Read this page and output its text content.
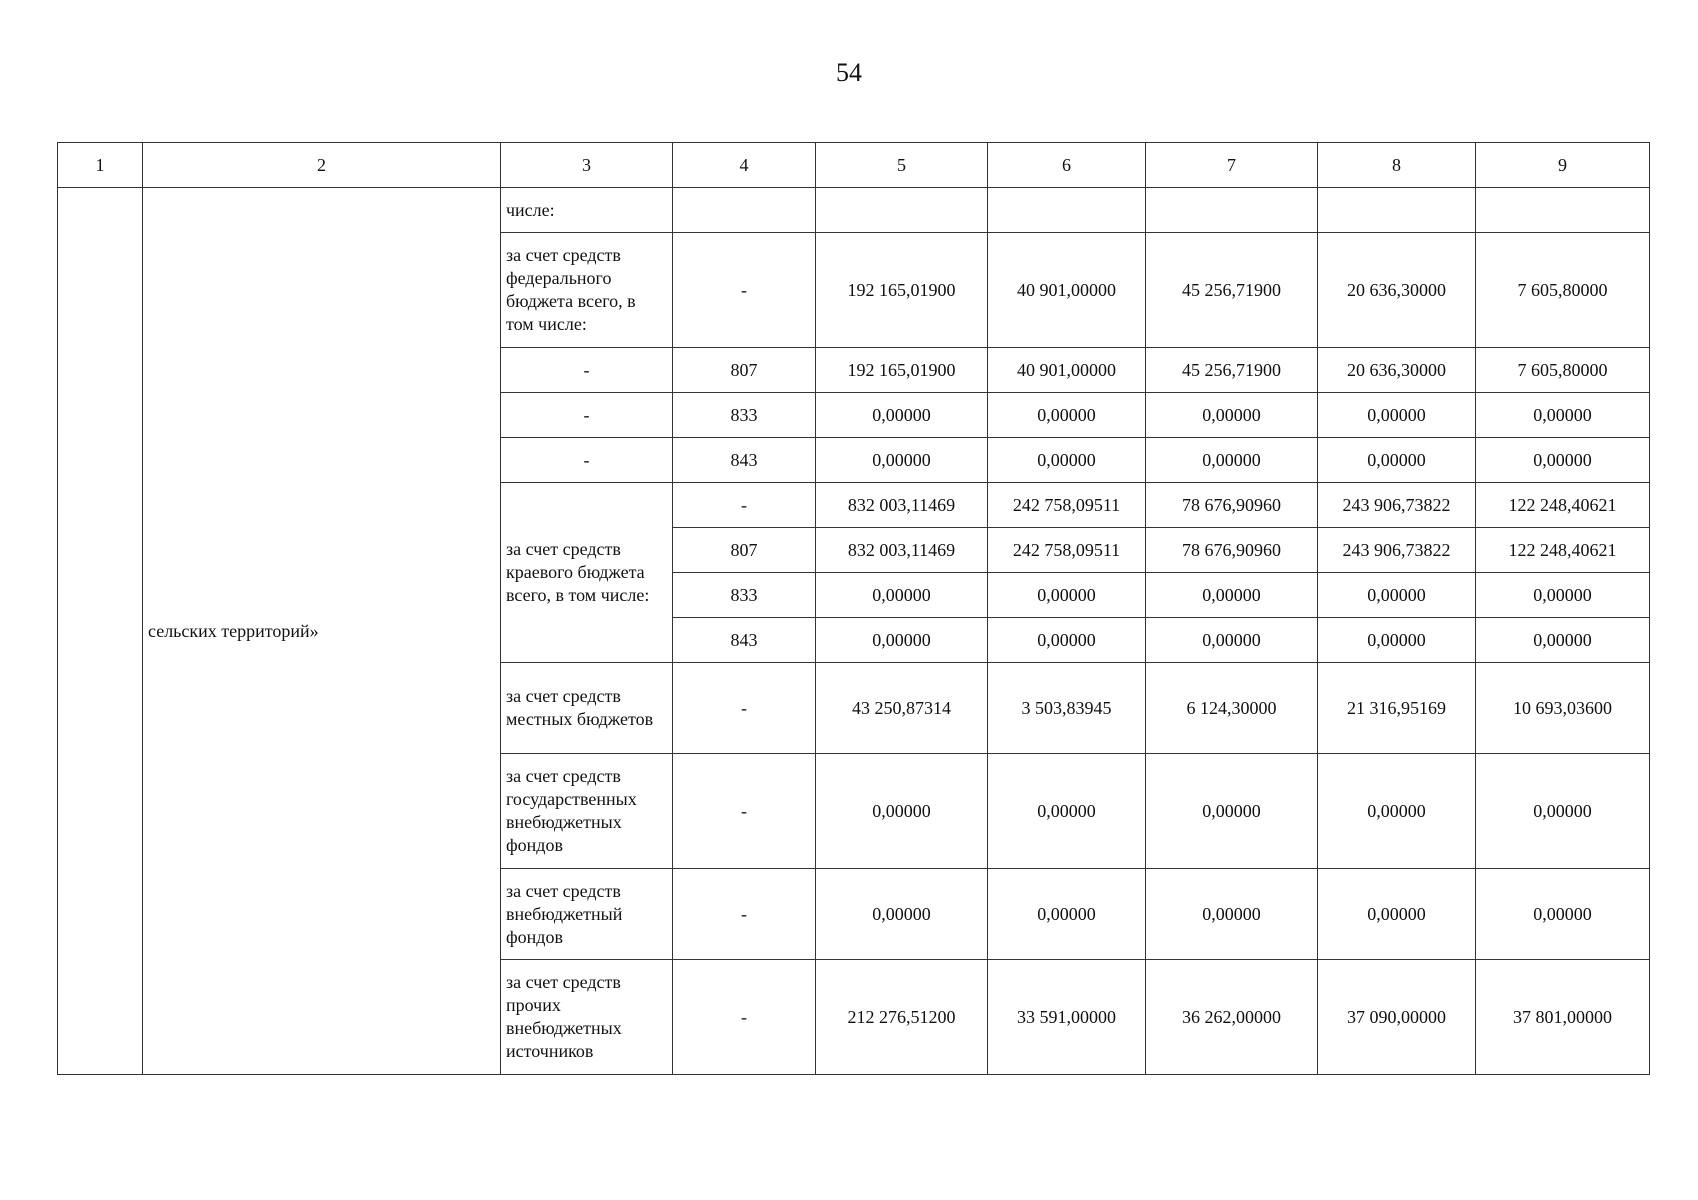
54
1	2	3	4	5	6	7	8	9
	сельских территорий»	числе:						
		за счет средств федерального бюджета всего, в том числе:	-	192 165,01900	40 901,00000	45 256,71900	20 636,30000	7 605,80000
		-	807	192 165,01900	40 901,00000	45 256,71900	20 636,30000	7 605,80000
		-	833	0,00000	0,00000	0,00000	0,00000	0,00000
		-	843	0,00000	0,00000	0,00000	0,00000	0,00000
		за счет средств краевого бюджета всего, в том числе:	-	832 003,11469	242 758,09511	78 676,90960	243 906,73822	122 248,40621
			807	832 003,11469	242 758,09511	78 676,90960	243 906,73822	122 248,40621
			833	0,00000	0,00000	0,00000	0,00000	0,00000
			843	0,00000	0,00000	0,00000	0,00000	0,00000
		за счет средств местных бюджетов	-	43 250,87314	3 503,83945	6 124,30000	21 316,95169	10 693,03600
		за счет средств государственных внебюджетных фондов	-	0,00000	0,00000	0,00000	0,00000	0,00000
		за счет средств внебюджетный фондов	-	0,00000	0,00000	0,00000	0,00000	0,00000
		за счет средств прочих внебюджетных источников	-	212 276,51200	33 591,00000	36 262,00000	37 090,00000	37 801,00000
